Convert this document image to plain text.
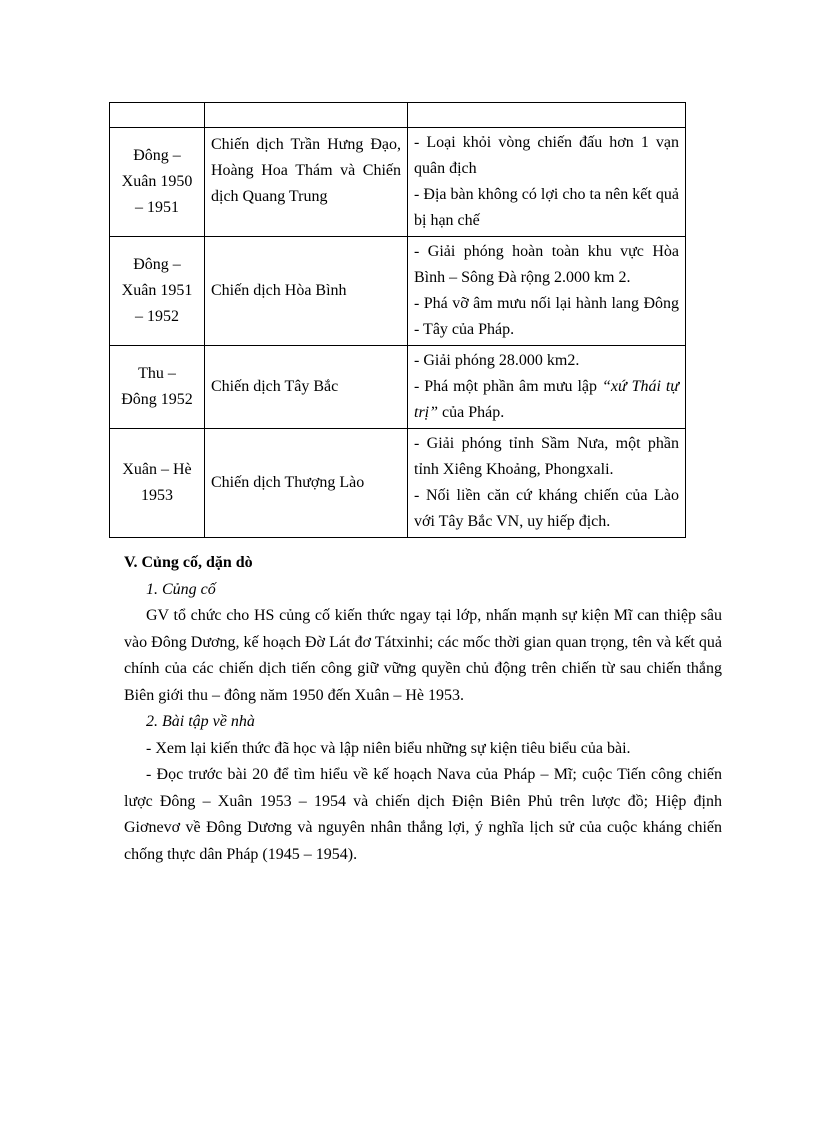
Đông –
Xuân 1950
– 1951	Chiến dịch Trần Hưng Đạo, Hoàng Hoa Thám và Chiến dịch Quang Trung	- Loại khỏi vòng chiến đấu hơn 1 vạn quân địch
- Địa bàn không có lợi cho ta nên kết quả bị hạn chế

Đông –
Xuân 1951
– 1952	Chiến dịch Hòa Bình	- Giải phóng hoàn toàn khu vực Hòa Bình – Sông Đà rộng 2.000 km 2.
- Phá vỡ âm mưu nối lại hành lang Đông - Tây của Pháp.

Thu –
Đông 1952	Chiến dịch Tây Bắc	- Giải phóng 28.000 km2.
- Phá một phần âm mưu lập “xứ Thái tự trị” của Pháp.

Xuân – Hè
1953	Chiến dịch Thượng Lào	- Giải phóng tỉnh Sầm Nưa, một phần tỉnh Xiêng Khoảng, Phongxali.
- Nối liền căn cứ kháng chiến của Lào với Tây Bắc VN, uy hiếp địch.
V. Củng cố, dặn dò
1. Củng cố
GV tổ chức cho HS củng cố kiến thức ngay tại lớp, nhấn mạnh sự kiện Mĩ can thiệp sâu vào Đông Dương, kế hoạch Đờ Lát đơ Tátxinhi; các mốc thời gian quan trọng, tên và kết quả chính của các chiến dịch tiến công giữ vững quyền chủ động trên chiến từ sau chiến thắng Biên giới thu – đông năm 1950 đến Xuân – Hè 1953.
2. Bài tập về nhà
- Xem lại kiến thức đã học và lập niên biểu những sự kiện tiêu biểu của bài.
- Đọc trước bài 20 để tìm hiểu về kế hoạch Nava của Pháp – Mĩ; cuộc Tiến công chiến lược Đông – Xuân 1953 – 1954 và chiến dịch Điện Biên Phủ trên lược đồ; Hiệp định Giơnevơ về Đông Dương và nguyên nhân thắng lợi, ý nghĩa lịch sử của cuộc kháng chiến chống thực dân Pháp (1945 – 1954).
